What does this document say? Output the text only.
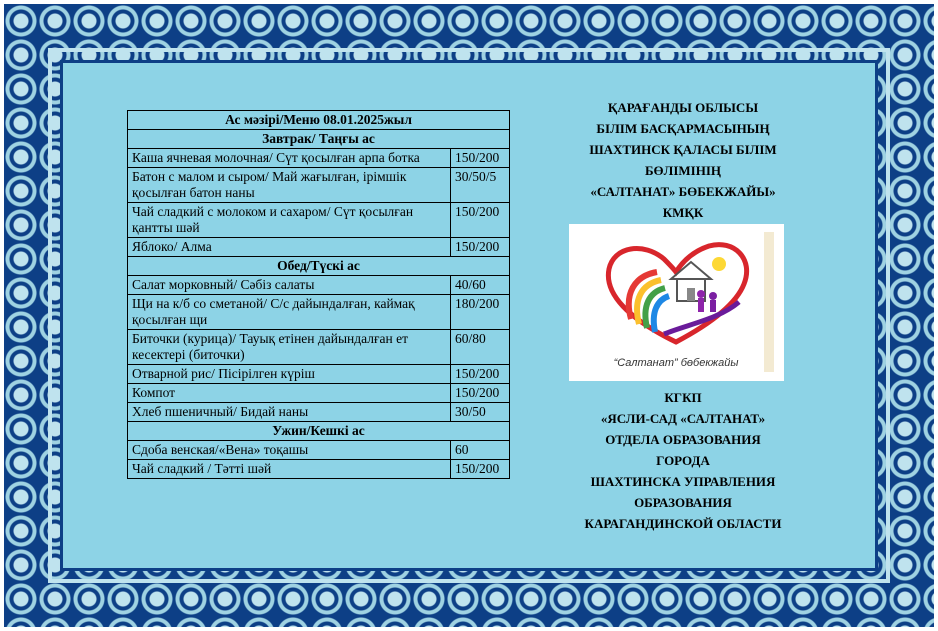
Ас мәзірі/Меню 08.01.2025жыл	
Завтрак/ Таңғы ас	
Каша ячневая молочная/ Сүт қосылған арпа ботка	150/200
Батон с малом и сыром/ Май жағылған, ірімшік қосылған батон наны	30/50/5
Чай сладкий с молоком и сахаром/ Сүт қосылған қантты шәй	150/200
Яблоко/ Алма	150/200
Обед/Түскі ас	
Салат морковный/ Сәбіз салаты	40/60
Щи на к/б со сметаной/ С/с дайындалған, каймақ қосылған щи	180/200
Биточки (курица)/ Тауық етінен дайындалған ет кесектері (биточки)	60/80
Отварной рис/ Пісірілген күріш	150/200
Компот	150/200
Хлеб пшеничный/ Бидай наны	30/50
Ужин/Кешкі ас	
Сдоба венская/«Вена» тоқашы	60
Чай сладкий / Тәтті шәй	150/200
ҚАРАҒАНДЫ ОБЛЫСЫ
БІЛІМ БАСҚАРМАСЫНЫҢ
ШАХТИНСК ҚАЛАСЫ БІЛІМ
БӨЛІМІНІҢ
«САЛТАНАТ» БӨБЕКЖАЙЫ»
КМҚК
“Салтанат” бөбекжайы
КГКП
«ЯСЛИ-САД «САЛТАНАТ»
ОТДЕЛА ОБРАЗОВАНИЯ
ГОРОДА
ШАХТИНСКА УПРАВЛЕНИЯ
ОБРАЗОВАНИЯ
КАРАГАНДИНСКОЙ ОБЛАСТИ
